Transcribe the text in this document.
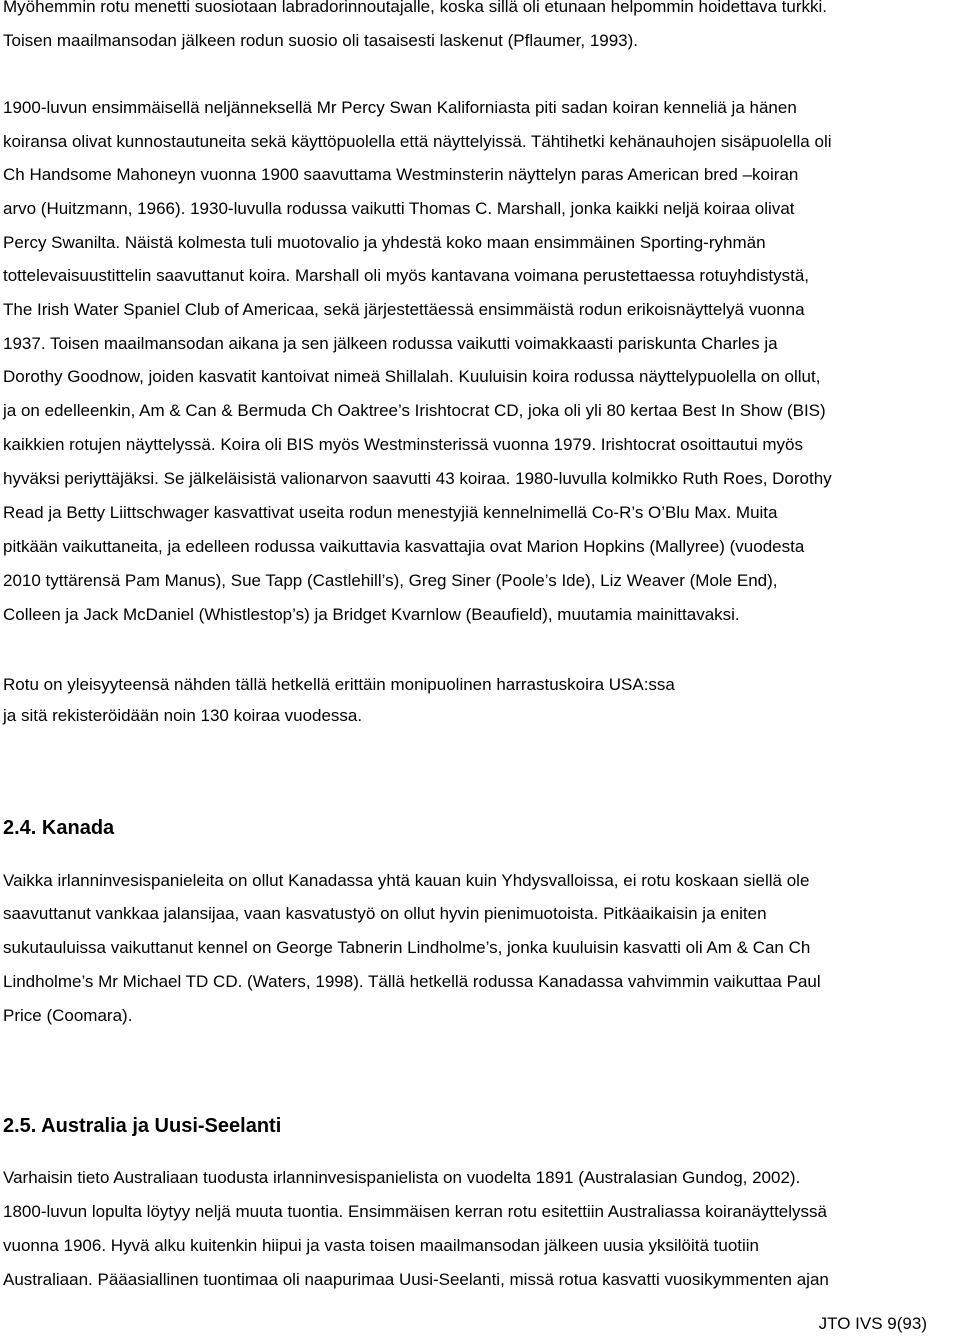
Myöhemmin rotu menetti suosiotaan labradorinnoutajalle, koska sillä oli etunaan helpommin hoidettava turkki.
Toisen maailmansodan jälkeen rodun suosio oli tasaisesti laskenut (Pflaumer, 1993).
1900-luvun ensimmäisellä neljänneksellä Mr Percy Swan Kaliforniasta piti sadan koiran kenneliä ja hänen
koiransa olivat kunnostautuneita sekä käyttöpuolella että näyttelyissä. Tähtihetki kehänauhojen sisäpuolella oli
Ch Handsome Mahoneyn vuonna 1900 saavuttama Westminsterin näyttelyn paras American bred –koiran
arvo (Huitzmann, 1966). 1930-luvulla rodussa vaikutti Thomas C. Marshall, jonka kaikki neljä koiraa olivat
Percy Swanilta. Näistä kolmesta tuli muotovalio ja yhdestä koko maan ensimmäinen Sporting-ryhmän
tottelevaisuustittelin saavuttanut koira. Marshall oli myös kantavana voimana perustettaessa rotuyhdistystä,
The Irish Water Spaniel Club of Americaa, sekä järjestettäessä ensimmäistä rodun erikoisnäyttelyä vuonna
1937. Toisen maailmansodan aikana ja sen jälkeen rodussa vaikutti voimakkaasti pariskunta Charles ja
Dorothy Goodnow, joiden kasvatit kantoivat nimeä Shillalah. Kuuluisin koira rodussa näyttelypuolella on ollut,
ja on edelleenkin, Am & Can & Bermuda Ch Oaktree’s Irishtocrat CD, joka oli yli 80 kertaa Best In Show (BIS)
kaikkien rotujen näyttelyssä. Koira oli BIS myös Westminsterissä vuonna 1979. Irishtocrat osoittautui myös
hyväksi periyttäjäksi. Se jälkeläisistä valionarvon saavutti 43 koiraa. 1980-luvulla kolmikko Ruth Roes, Dorothy
Read ja Betty Liittschwager kasvattivat useita rodun menestyjiä kennelnimellä Co-R’s O’Blu Max. Muita
pitkään vaikuttaneita, ja edelleen rodussa vaikuttavia kasvattajia ovat Marion Hopkins (Mallyree) (vuodesta
2010 tyttärensä Pam Manus), Sue Tapp (Castlehill’s), Greg Siner (Poole’s Ide), Liz Weaver (Mole End),
Colleen ja Jack McDaniel (Whistlestop’s) ja Bridget Kvarnlow (Beaufield), muutamia mainittavaksi.
Rotu on yleisyyteensä nähden tällä hetkellä erittäin monipuolinen harrastuskoira USA:ssa
ja sitä rekisteröidään noin 130 koiraa vuodessa.
2.4. Kanada
Vaikka irlanninvesispanieleita on ollut Kanadassa yhtä kauan kuin Yhdysvalloissa, ei rotu koskaan siellä ole
saavuttanut vankkaa jalansijaa, vaan kasvatustyö on ollut hyvin pienimuotoista. Pitkäaikaisin ja eniten
sukutauluissa vaikuttanut kennel on George Tabnerin Lindholme’s, jonka kuuluisin kasvatti oli Am & Can Ch
Lindholme’s Mr Michael TD CD. (Waters, 1998). Tällä hetkellä rodussa Kanadassa vahvimmin vaikuttaa Paul
Price (Coomara).
2.5. Australia ja Uusi-Seelanti
Varhaisin tieto Australiaan tuodusta irlanninvesispanielista on vuodelta 1891 (Australasian Gundog, 2002).
1800-luvun lopulta löytyy neljä muuta tuontia. Ensimmäisen kerran rotu esitettiin Australiassa koiranäyttelyssä
vuonna 1906. Hyvä alku kuitenkin hiipui ja vasta toisen maailmansodan jälkeen uusia yksilöitä tuotiin
Australiaan. Pääasiallinen tuontimaa oli naapurimaa Uusi-Seelanti, missä rotua kasvatti vuosikymmenten ajan
JTO IVS 9(93)
